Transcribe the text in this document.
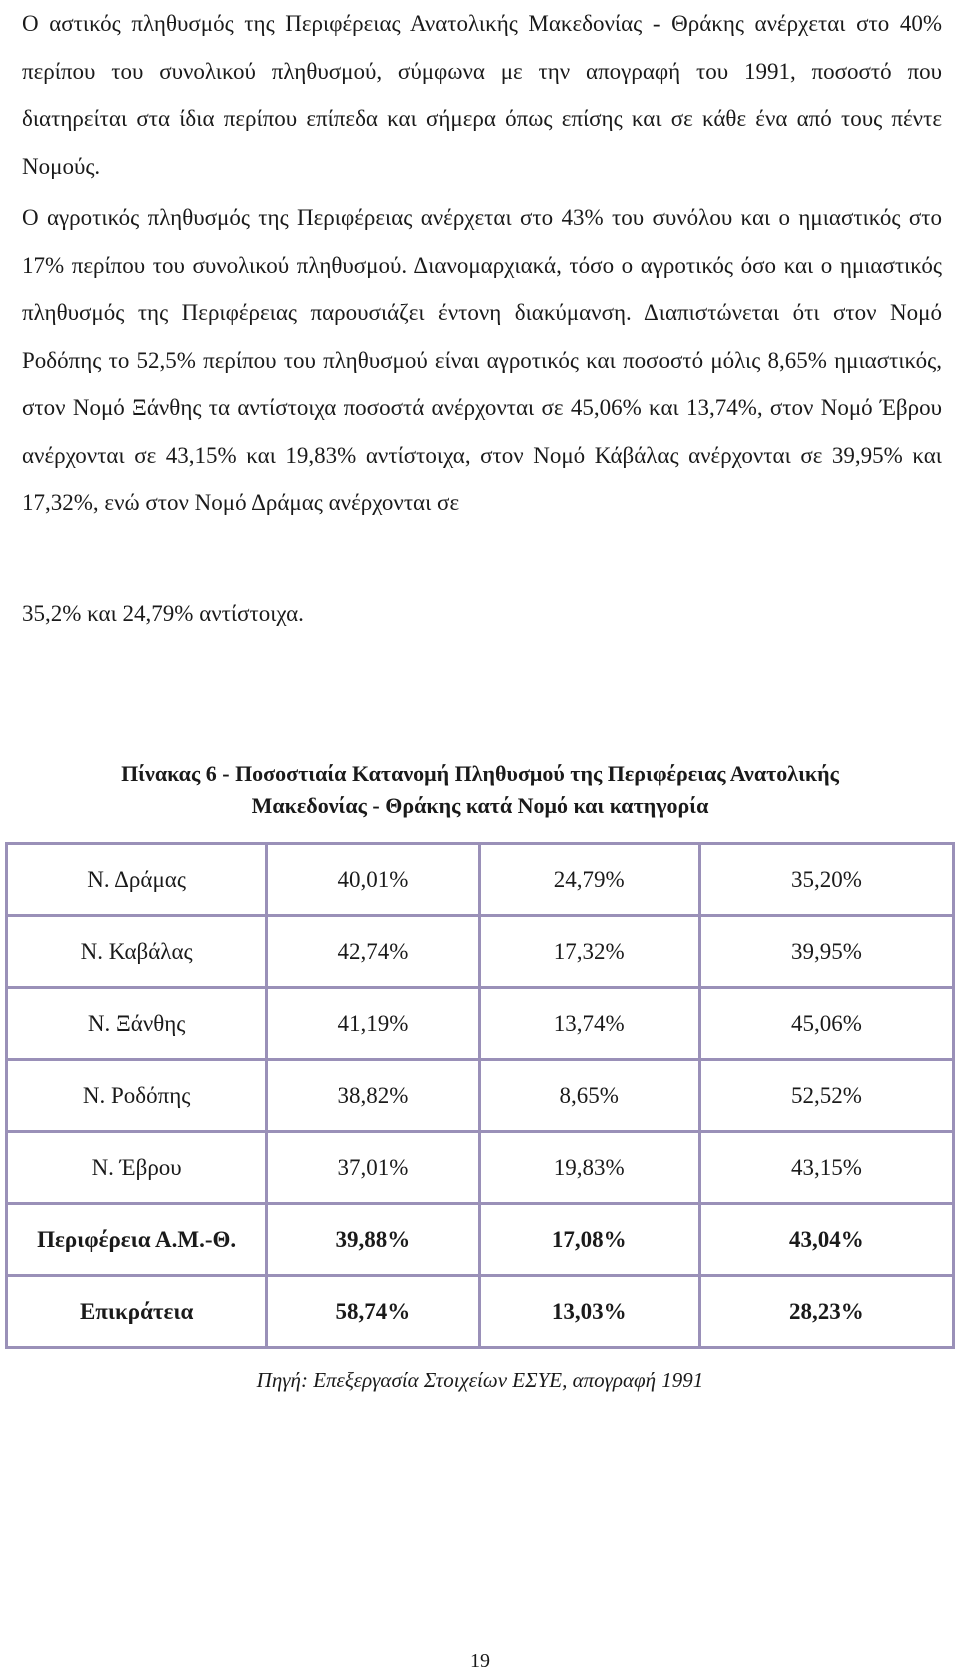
Ο αστικός πληθυσμός της Περιφέρειας Ανατολικής Μακεδονίας - Θράκης ανέρχεται στο 40% περίπου του συνολικού πληθυσμού, σύμφωνα με την απογραφή του 1991, ποσοστό που διατηρείται στα ίδια περίπου επίπεδα και σήμερα όπως επίσης και σε κάθε ένα από τους πέντε Νομούς.

Ο αγροτικός πληθυσμός της Περιφέρειας ανέρχεται στο 43% του συνόλου και ο ημιαστικός στο 17% περίπου του συνολικού πληθυσμού. Διανομαρχιακά, τόσο ο αγροτικός όσο και ο ημιαστικός πληθυσμός της Περιφέρειας παρουσιάζει έντονη διακύμανση. Διαπιστώνεται ότι στον Νομό Ροδόπης το 52,5% περίπου του πληθυσμού είναι αγροτικός και ποσοστό μόλις 8,65% ημιαστικός, στον Νομό Ξάνθης τα αντίστοιχα ποσοστά ανέρχονται σε 45,06% και 13,74%, στον Νομό Έβρου ανέρχονται σε 43,15% και 19,83% αντίστοιχα, στον Νομό Κάβάλας ανέρχονται σε 39,95% και 17,32%, ενώ στον Νομό Δράμας ανέρχονται σε

35,2% και 24,79% αντίστοιχα.

Πίνακας 6 - Ποσοστιαία Κατανομή Πληθυσμού της Περιφέρειας Ανατολικής
Μακεδονίας - Θράκης κατά Νομό και κατηγορία
Ν. Δράμας	40,01%	24,79%	35,20%
Ν. Καβάλας	42,74%	17,32%	39,95%
Ν. Ξάνθης	41,19%	13,74%	45,06%
Ν. Ροδόπης	38,82%	8,65%	52,52%
Ν. Έβρου	37,01%	19,83%	43,15%
Περιφέρεια Α.Μ.-Θ.	39,88%	17,08%	43,04%
Επικράτεια	58,74%	13,03%	28,23%

Πηγή: Επεξεργασία Στοιχείων ΕΣΥΕ, απογραφή 1991

19
